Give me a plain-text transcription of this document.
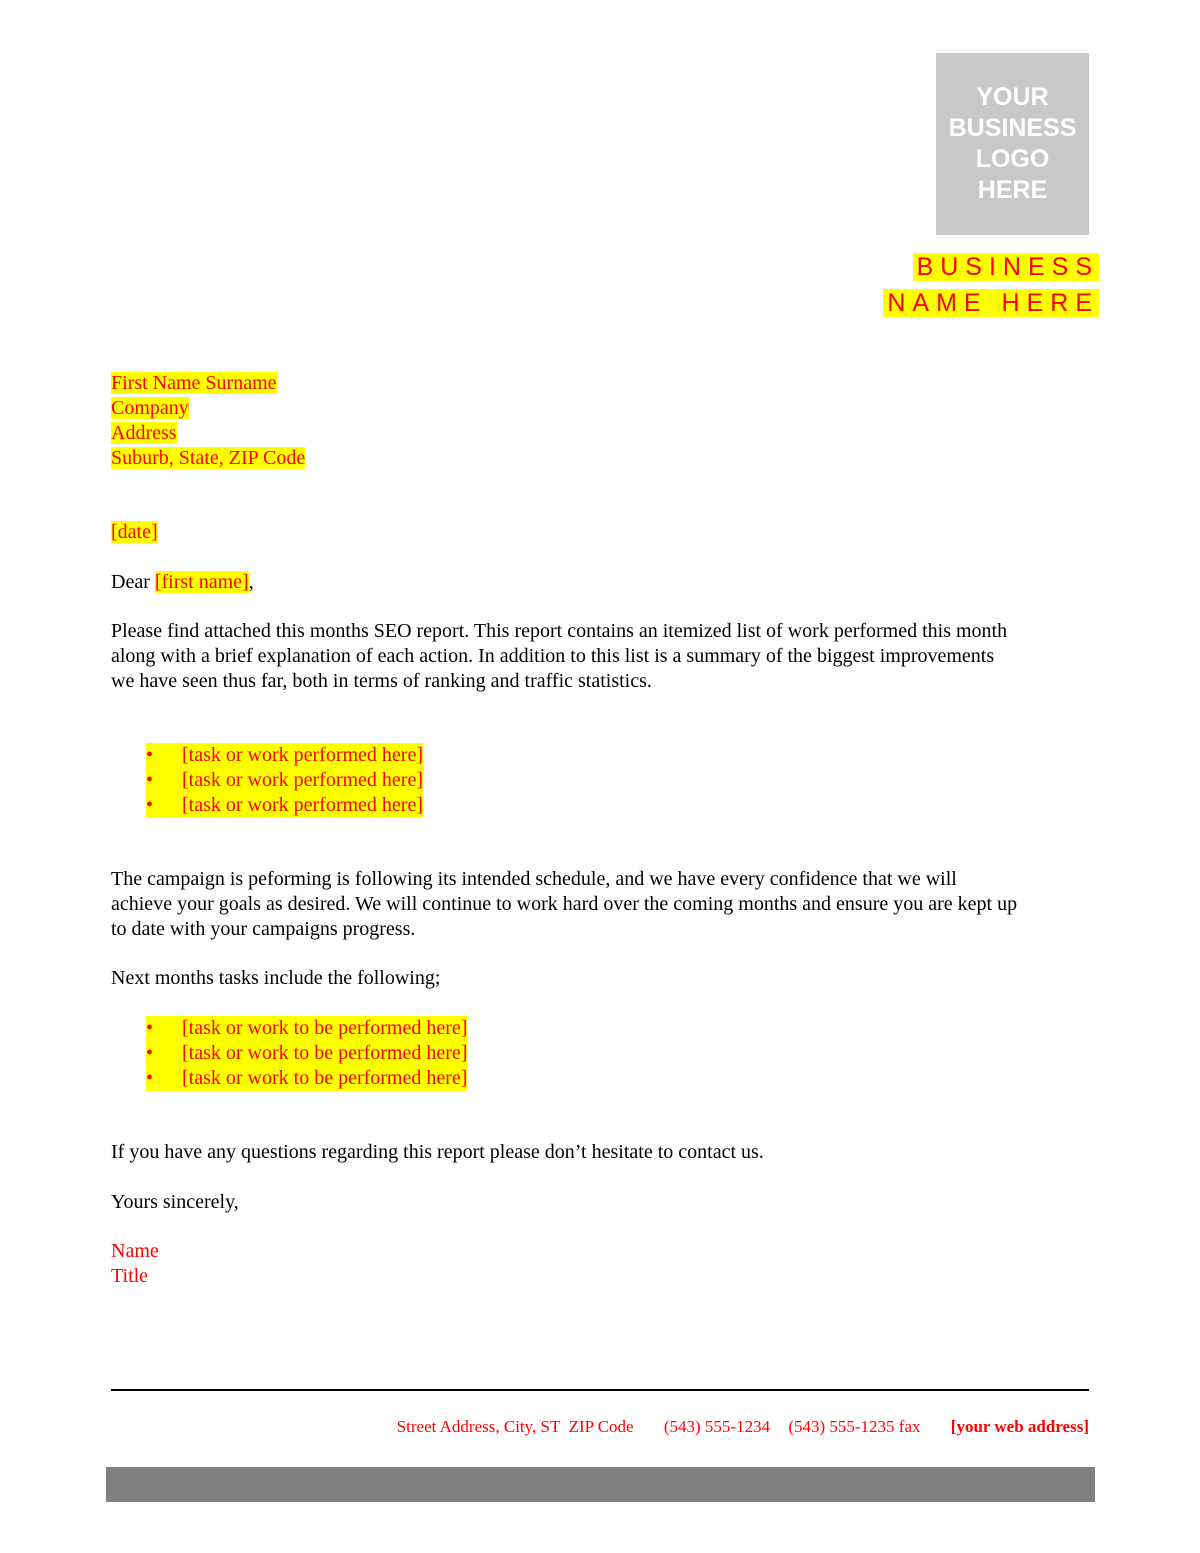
YOUR
BUSINESS
LOGO
HERE
BUSINESS
NAME HERE
First Name Surname
Company
Address
Suburb, State, ZIP Code
[date]
Dear [first name],
Please find attached this months SEO report. This report contains an itemized list of work performed this month
along with a brief explanation of each action. In addition to this list is a summary of the biggest improvements
we have seen thus far, both in terms of ranking and traffic statistics.
• [task or work performed here]
• [task or work performed here]
• [task or work performed here]
The campaign is peforming is following its intended schedule, and we have every confidence that we will
achieve your goals as desired. We will continue to work hard over the coming months and ensure you are kept up
to date with your campaigns progress.
Next months tasks include the following;
• [task or work to be performed here]
• [task or work to be performed here]
• [task or work to be performed here]
If you have any questions regarding this report please don’t hesitate to contact us.
Yours sincerely,
Name
Title
Street Address, City, ST  ZIP Code (543) 555-1234 (543) 555-1235 fax [your web address]
